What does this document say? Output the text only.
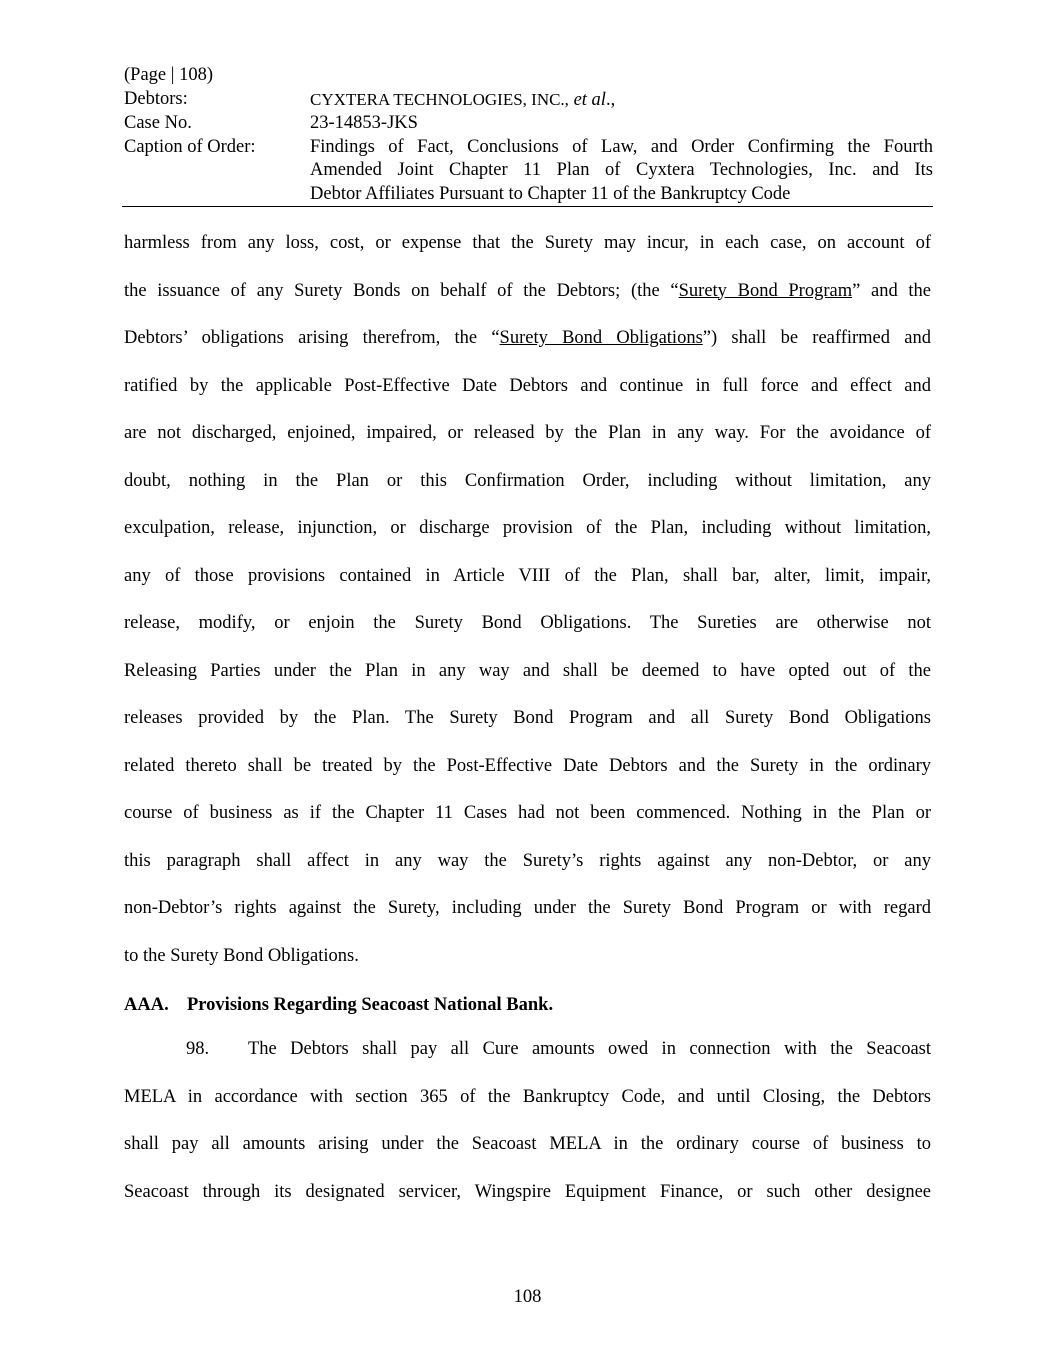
(Page | 108)
Debtors:	CYXTERA TECHNOLOGIES, INC., et al.,
Case No.	23-14853-JKS
Caption of Order:	Findings of Fact, Conclusions of Law, and Order Confirming the Fourth
Amended Joint Chapter 11 Plan of Cyxtera Technologies, Inc. and Its
Debtor Affiliates Pursuant to Chapter 11 of the Bankruptcy Code
harmless from any loss, cost, or expense that the Surety may incur, in each case, on account of
the issuance of any Surety Bonds on behalf of the Debtors; (the “Surety Bond Program” and the
Debtors’ obligations arising therefrom, the “Surety Bond Obligations”) shall be reaffirmed and
ratified by the applicable Post-Effective Date Debtors and continue in full force and effect and
are not discharged, enjoined, impaired, or released by the Plan in any way. For the avoidance of
doubt, nothing in the Plan or this Confirmation Order, including without limitation, any
exculpation, release, injunction, or discharge provision of the Plan, including without limitation,
any of those provisions contained in Article VIII of the Plan, shall bar, alter, limit, impair,
release, modify, or enjoin the Surety Bond Obligations. The Sureties are otherwise not
Releasing Parties under the Plan in any way and shall be deemed to have opted out of the
releases provided by the Plan. The Surety Bond Program and all Surety Bond Obligations
related thereto shall be treated by the Post-Effective Date Debtors and the Surety in the ordinary
course of business as if the Chapter 11 Cases had not been commenced. Nothing in the Plan or
this paragraph shall affect in any way the Surety’s rights against any non-Debtor, or any
non-Debtor’s rights against the Surety, including under the Surety Bond Program or with regard
to the Surety Bond Obligations.
AAA. Provisions Regarding Seacoast National Bank.
98. The Debtors shall pay all Cure amounts owed in connection with the Seacoast
MELA in accordance with section 365 of the Bankruptcy Code, and until Closing, the Debtors
shall pay all amounts arising under the Seacoast MELA in the ordinary course of business to
Seacoast through its designated servicer, Wingspire Equipment Finance, or such other designee
108
